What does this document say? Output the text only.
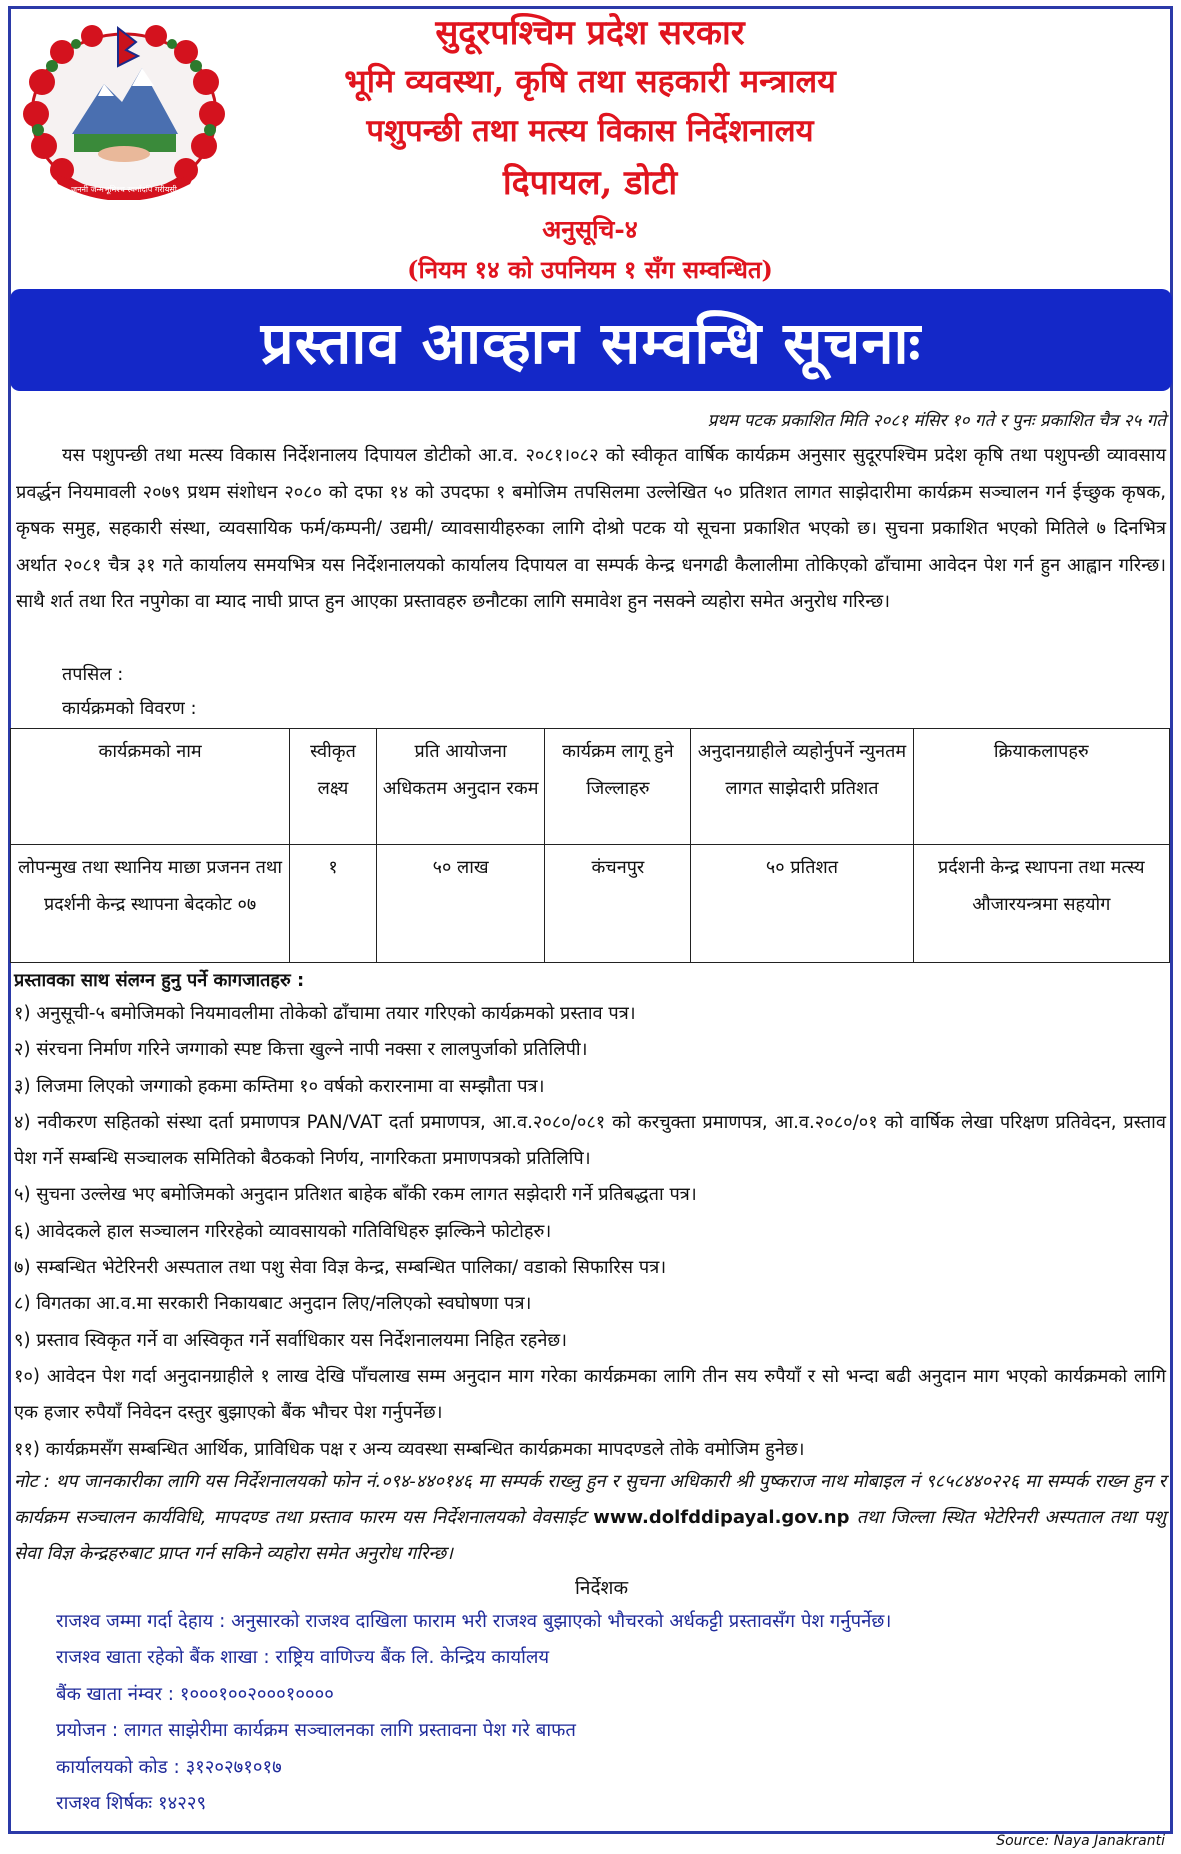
जननी जन्मभूमिश्च स्वर्गादपि गरीयसी
सुदूरपश्चिम प्रदेश सरकार
भूमि व्यवस्था, कृषि तथा सहकारी मन्त्रालय
पशुपन्छी तथा मत्स्य विकास निर्देशनालय
दिपायल, डोटी
अनुसूचि-४
(नियम १४ को उपनियम १ सँग सम्वन्धित)
प्रस्ताव आव्हान सम्वन्धि सूचनाः
प्रथम पटक प्रकाशित मिति २०८१ मंसिर १० गते र पुनः प्रकाशित चैत्र २५ गते

यस पशुपन्छी तथा मत्स्य विकास निर्देशनालय दिपायल डोटीको आ.व. २०८१।०८२ को स्वीकृत वार्षिक कार्यक्रम अनुसार सुदूरपश्चिम प्रदेश कृषि तथा पशुपन्छी व्यावसाय प्रवर्द्धन नियमावली २०७९ प्रथम संशोधन २०८० को दफा १४ को उपदफा १ बमोजिम तपसिलमा उल्लेखित ५० प्रतिशत लागत साझेदारीमा कार्यक्रम सञ्चालन गर्न ईच्छुक कृषक, कृषक समुह, सहकारी संस्था, व्यवसायिक फर्म/कम्पनी/ उद्यमी/ व्यावसायीहरुका लागि दोश्रो पटक यो सूचना प्रकाशित भएको छ। सुचना प्रकाशित भएको मितिले ७ दिनभित्र अर्थात २०८१ चैत्र ३१ गते कार्यालय समयभित्र यस निर्देशनालयको कार्यालय दिपायल वा सम्पर्क केन्द्र धनगढी कैलालीमा तोकिएको ढाँचामा आवेदन पेश गर्न हुन आह्वान गरिन्छ। साथै शर्त तथा रित नपुगेका वा म्याद नाघी प्राप्त हुन आएका प्रस्तावहरु छनौटका लागि समावेश हुन नसक्ने व्यहोरा समेत अनुरोध गरिन्छ।

तपसिल :
कार्यक्रमको विवरण :
कार्यक्रमको नाम	स्वीकृत लक्ष्य	प्रति आयोजना अधिकतम अनुदान रकम	कार्यक्रम लागू हुने जिल्लाहरु	अनुदानग्राहीले व्यहोर्नुपर्ने न्युनतम लागत साझेदारी प्रतिशत	क्रियाकलापहरु
लोपन्मुख तथा स्थानिय माछा प्रजनन तथा प्रदर्शनी केन्द्र स्थापना बेदकोट ०७	१	५० लाख	कंचनपुर	५० प्रतिशत	प्रर्दशनी केन्द्र स्थापना तथा मत्स्य औजारयन्त्रमा सहयोग
प्रस्तावका साथ संलग्न हुनु पर्ने कागजातहरु :
१) अनुसूची-५ बमोजिमको नियमावलीमा तोकेको ढाँचामा तयार गरिएको कार्यक्रमको प्रस्ताव पत्र।
२) संरचना निर्माण गरिने जग्गाको स्पष्ट कित्ता खुल्ने नापी नक्सा र लालपुर्जाको प्रतिलिपी।
३) लिजमा लिएको जग्गाको हकमा कम्तिमा १० वर्षको करारनामा वा सम्झौता पत्र।
४) नवीकरण सहितको संस्था दर्ता प्रमाणपत्र PAN/VAT दर्ता प्रमाणपत्र, आ.व.२०८०/०८१ को करचुक्ता प्रमाणपत्र, आ.व.२०८०/०१ को वार्षिक लेखा परिक्षण प्रतिवेदन, प्रस्ताव पेश गर्ने सम्बन्धि सञ्चालक समितिको बैठकको निर्णय, नागरिकता प्रमाणपत्रको प्रतिलिपि।
५) सुचना उल्लेख भए बमोजिमको अनुदान प्रतिशत बाहेक बाँकी रकम लागत सझेदारी गर्ने प्रतिबद्धता पत्र।
६) आवेदकले हाल सञ्चालन गरिरहेको व्यावसायको गतिविधिहरु झल्किने फोटोहरु।
७) सम्बन्धित भेटेरिनरी अस्पताल तथा पशु सेवा विज्ञ केन्द्र, सम्बन्धित पालिका/ वडाको सिफारिस पत्र।
८) विगतका आ.व.मा सरकारी निकायबाट अनुदान लिए/नलिएको स्वघोषणा पत्र।
९) प्रस्ताव स्विकृत गर्ने वा अस्विकृत गर्ने सर्वाधिकार यस निर्देशनालयमा निहित रहनेछ।
१०) आवेदन पेश गर्दा अनुदानग्राहीले १ लाख देखि पाँचलाख सम्म अनुदान माग गरेका कार्यक्रमका लागि तीन सय रुपैयाँ र सो भन्दा बढी अनुदान माग भएको कार्यक्रमको लागि एक हजार रुपैयाँ निवेदन दस्तुर बुझाएको बैंक भौचर पेश गर्नुपर्नेछ।
११) कार्यक्रमसँग सम्बन्धित आर्थिक, प्राविधिक पक्ष र अन्य व्यवस्था सम्बन्धित कार्यक्रमका मापदण्डले तोके वमोजिम हुनेछ।

नोट : थप जानकारीका लागि यस निर्देशनालयको फोन नं.०९४-४४०१४६ मा सम्पर्क राख्नु हुन र सुचना अधिकारी श्री पुष्कराज नाथ मोबाइल नं ९८५८४४०२२६ मा सम्पर्क राख्न हुन र कार्यक्रम सञ्चालन कार्यविधि, मापदण्ड तथा प्रस्ताव फारम यस निर्देशनालयको वेवसाईट www.dolfddipayal.gov.np तथा जिल्ला स्थित भेटेरिनरी अस्पताल तथा पशु सेवा विज्ञ केन्द्रहरुबाट प्राप्त गर्न सकिने व्यहोरा समेत अनुरोध गरिन्छ।

निर्देशक
राजश्व जम्मा गर्दा देहाय : अनुसारको राजश्व दाखिला फाराम भरी राजश्व बुझाएको भौचरको अर्धकट्टी प्रस्तावसँग पेश गर्नुपर्नेछ।
राजश्व खाता रहेको बैंक शाखा : राष्ट्रिय वाणिज्य बैंक लि. केन्द्रिय कार्यालय
बैंक खाता नंम्वर : १०००१००२०००१००००
प्रयोजन : लागत साझेरीमा कार्यक्रम सञ्चालनका लागि प्रस्तावना पेश गरे बाफत
कार्यालयको कोड : ३१२०२७१०१७
राजश्व शिर्षकः १४२२९
Source: Naya Janakranti
